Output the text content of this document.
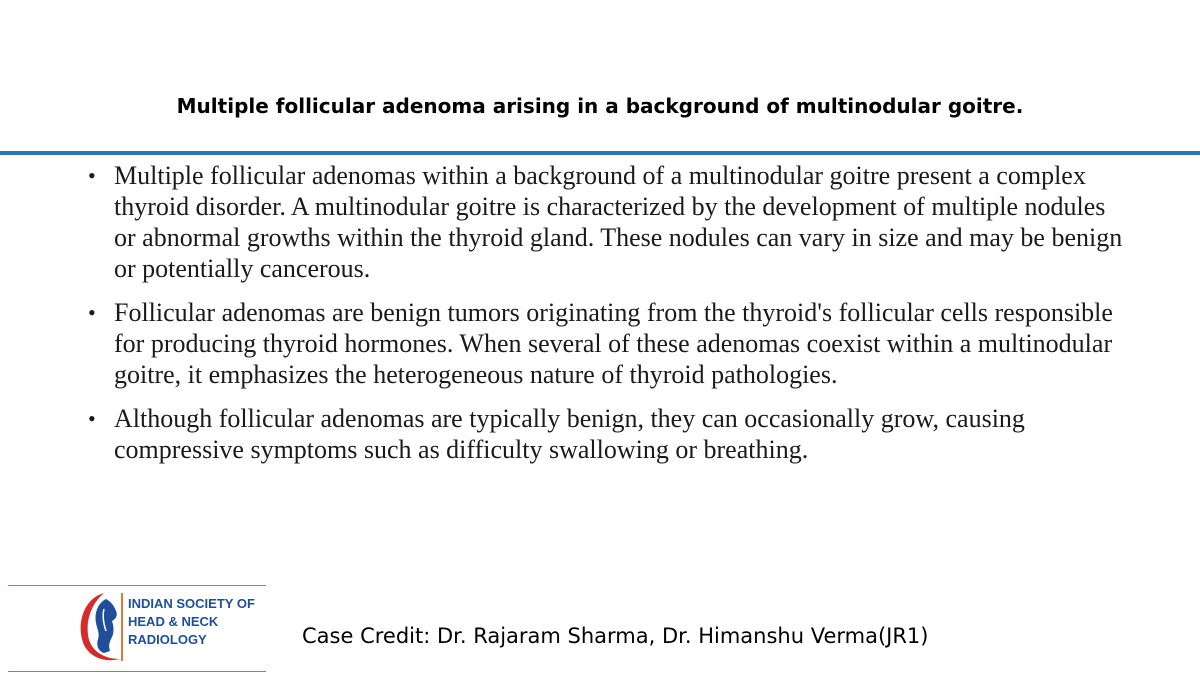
Multiple follicular adenoma arising in a background of multinodular goitre.
• Multiple follicular adenomas within a background of a multinodular goitre present a complex thyroid disorder. A multinodular goitre is characterized by the development of multiple nodules or abnormal growths within the thyroid gland. These nodules can vary in size and may be benign or potentially cancerous.
• Follicular adenomas are benign tumors originating from the thyroid's follicular cells responsible for producing thyroid hormones. When several of these adenomas coexist within a multinodular goitre, it emphasizes the heterogeneous nature of thyroid pathologies.
• Although follicular adenomas are typically benign, they can occasionally grow, causing compressive symptoms such as difficulty swallowing or breathing.
INDIAN SOCIETY OF
HEAD & NECK
RADIOLOGY	Case Credit: Dr. Rajaram Sharma, Dr. Himanshu Verma(JR1)
